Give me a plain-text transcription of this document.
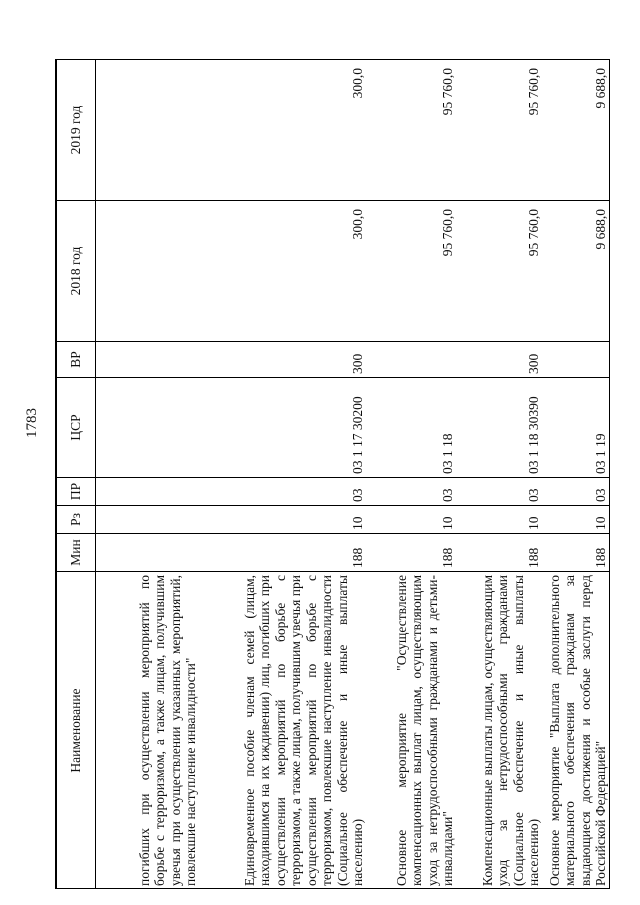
1783
Наименование	Мин	Рз	ПР	ЦСР	ВР	2018 год	2019 год
погибших при осуществлении мероприятий по борьбе с терроризмом, а также лицам, получившим увечья при осуществлении указанных мероприятий, повлекшие наступление инвалидности"							
Единовременное пособие членам семей (лицам, находившимся на их иждивении) лиц, погибших при осуществлении мероприятий по борьбе с терроризмом, а также лицам, получившим увечья при осуществлении мероприятий по борьбе с терроризмом, повлекшие наступление инвалидности (Социальное обеспечение и иные выплаты населению)	188	10	03	03 1 17 30200	300	300,0	300,0
Основное мероприятие "Осуществление компенсационных выплат лицам, осуществляющим уход за нетрудоспособными гражданами и детьми-инвалидами"	188	10	03	03 1 18		95 760,0	95 760,0
Компенсационные выплаты лицам, осуществляющим уход за нетрудоспособными гражданами (Социальное обеспечение и иные выплаты населению)	188	10	03	03 1 18 30390	300	95 760,0	95 760,0
Основное мероприятие "Выплата дополнительного материального обеспечения гражданам за выдающиеся достижения и особые заслуги перед Российской Федерацией"	188	10	03	03 1 19		9 688,0	9 688,0
